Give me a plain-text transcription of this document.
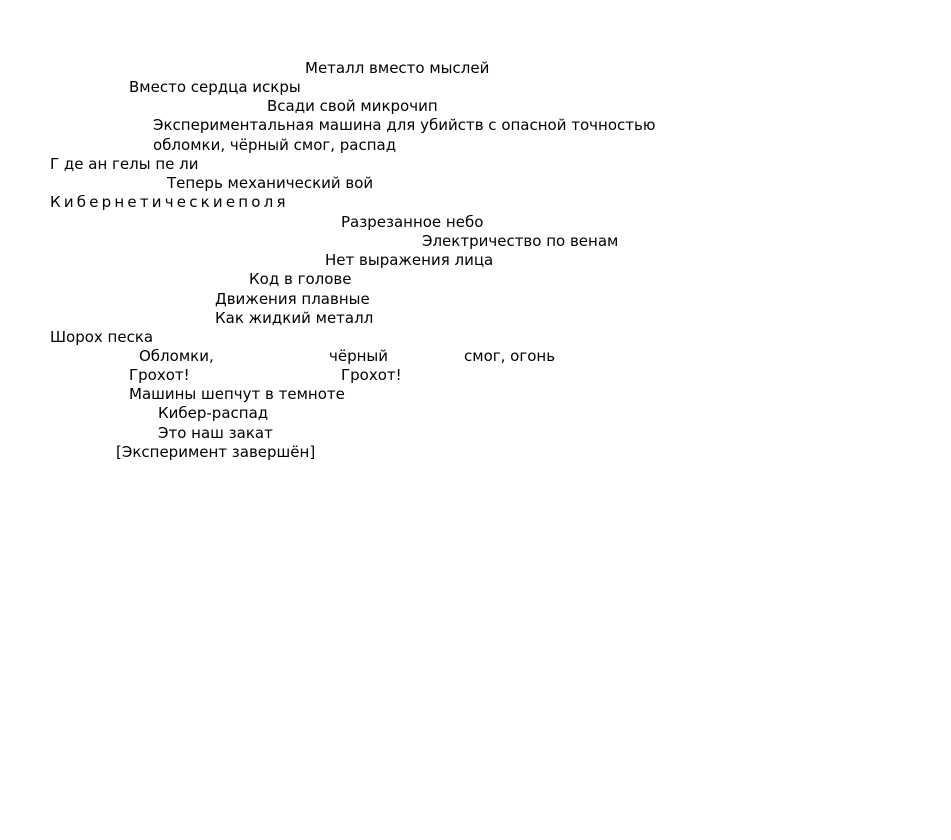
Металл вместо мыслей
Вместо сердца искры
Всади свой микрочип
Экспериментальная машина для убийств с опасной точностью
обломки, чёрный смог, распад
Г де ан гелы пе ли
Теперь механический вой
Кибернетическиеполя
Разрезанное небо
Электричество по венам
Нет выражения лица
Код в голове
Движения плавные
Как жидкий металл
Шорох песка
Обломки,	чёрный	смог, огонь
Грохот!	Грохот!
Машины шепчут в темноте
Кибер-распад
Это наш закат
[Эксперимент завершён]
